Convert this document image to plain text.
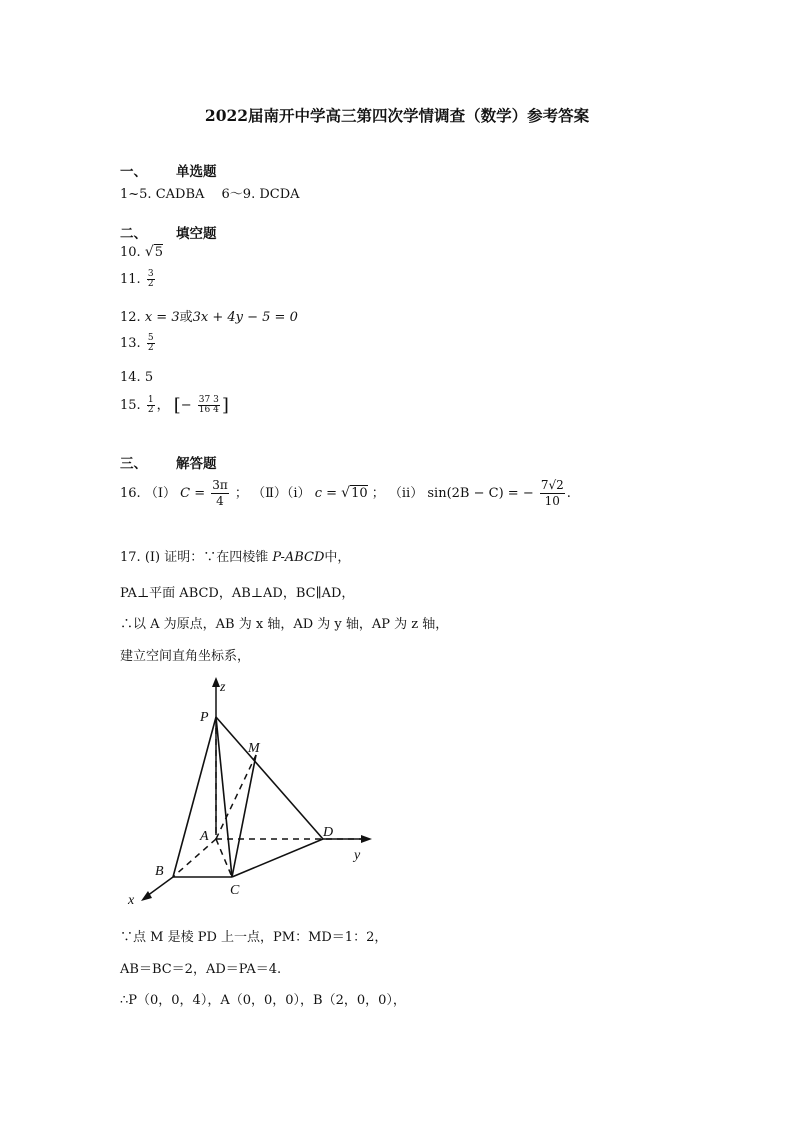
2022届南开中学高三第四次学情调查（数学）参考答案
一、 单选题
1~5. CADBA　 6～9. DCDA
二、 填空题
10. √5
11. $\frac{3}{2}$
12. x = 3或3x + 4y − 5 = 0
13. $\frac{5}{2}$
14. 5
15. $\frac{1}{2}$ ， [− $\frac{37 3}{16 4}$ ]
三、 解答题
16. （Ⅰ） $C = \frac{3\pi}{4}$ ； （Ⅱ）（ⅰ） c = √10 ； （ⅱ） sin(2B − C) = − $\frac{7√2}{10}$ .
17. (Ⅰ) 证明：∵在四棱锥 P-ABCD中，
PA⊥平面 ABCD，AB⊥AD，BC∥AD，
∴以 A 为原点，AB 为 x 轴，AD 为 y 轴，AP 为 z 轴，
建立空间直角坐标系，
z
P
M
A	D
y
B
C
x
∵点 M 是棱 PD 上一点，PM：MD＝1：2，
AB＝BC＝2，AD＝PA＝4.
∴P（0，0，4），A（0，0，0），B（2，0，0），
